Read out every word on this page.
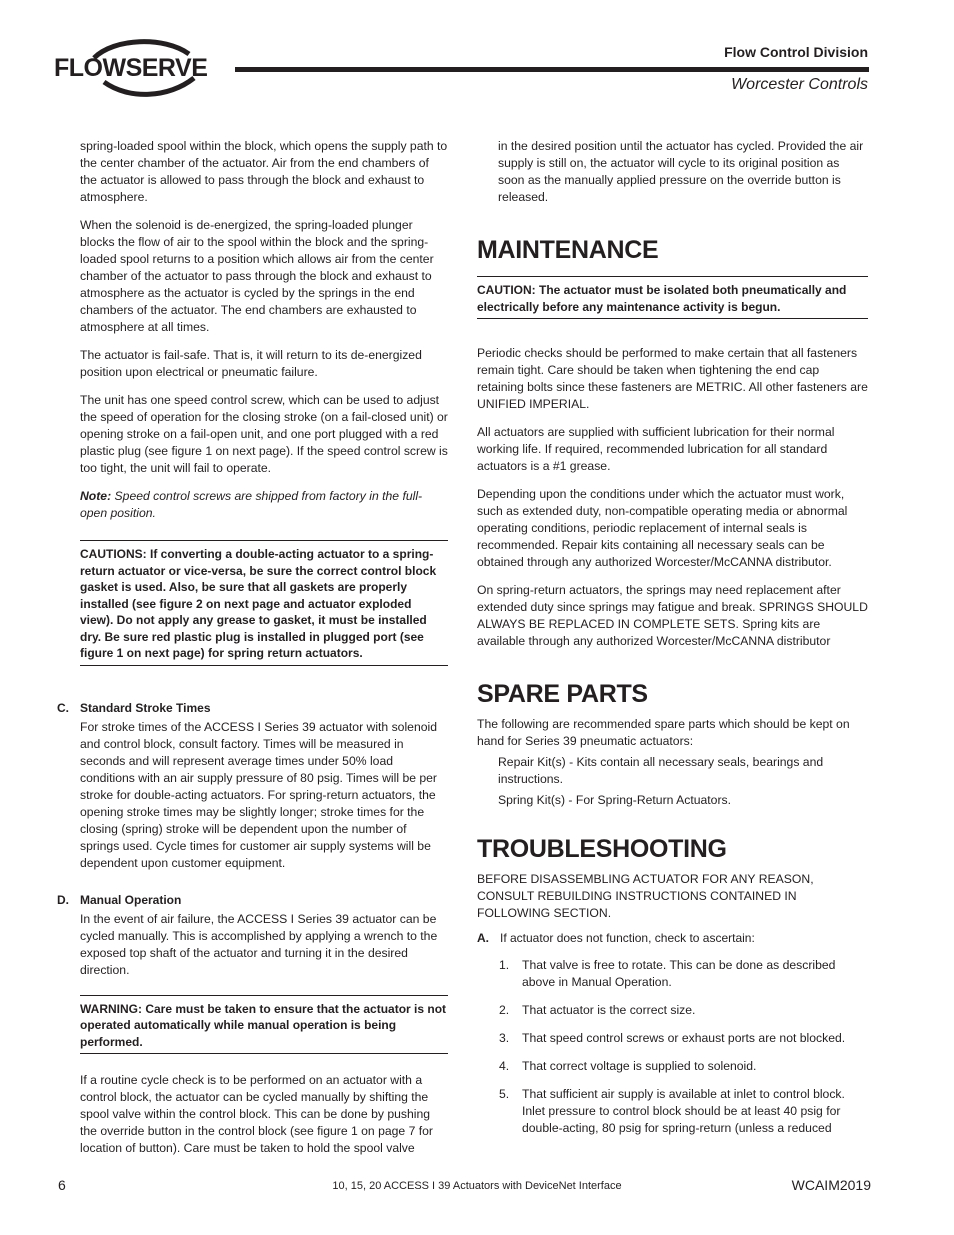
FLOWSERVE
Flow Control Division
Worcester Controls

spring-loaded spool within the block, which opens the supply path to the center chamber of the actuator. Air from the end chambers of the actuator is allowed to pass through the block and exhaust to atmosphere.

When the solenoid is de-energized, the spring-loaded plunger blocks the flow of air to the spool within the block and the spring-loaded spool returns to a position which allows air from the center chamber of the actuator to pass through the block and exhaust to atmosphere as the actuator is cycled by the springs in the end chambers of the actuator. The end chambers are exhausted to atmosphere at all times.

The actuator is fail-safe. That is, it will return to its de-energized position upon electrical or pneumatic failure.

The unit has one speed control screw, which can be used to adjust the speed of operation for the closing stroke (on a fail-closed unit) or opening stroke on a fail-open unit, and one port plugged with a red plastic plug (see figure 1 on next page). If the speed control screw is too tight, the unit will fail to operate.

Note: Speed control screws are shipped from factory in the full-open position.

CAUTIONS: If converting a double-acting actuator to a spring-return actuator or vice-versa, be sure the correct control block gasket is used. Also, be sure that all gaskets are properly installed (see figure 2 on next page and actuator exploded view). Do not apply any grease to gasket, it must be installed dry. Be sure red plastic plug is installed in plugged port (see figure 1 on next page) for spring return actuators.
C. Standard Stroke Times

For stroke times of the ACCESS I Series 39 actuator with solenoid and control block, consult factory. Times will be measured in seconds and will represent average times under 50% load conditions with an air supply pressure of 80 psig. Times will be per stroke for double-acting actuators. For spring-return actuators, the opening stroke times may be slightly longer; stroke times for the closing (spring) stroke will be dependent upon the number of springs used. Cycle times for customer air supply systems will be dependent upon customer equipment.

D. Manual Operation

In the event of air failure, the ACCESS I Series 39 actuator can be cycled manually. This is accomplished by applying a wrench to the exposed top shaft of the actuator and turning it in the desired direction.

WARNING: Care must be taken to ensure that the actuator is not operated automatically while manual operation is being performed.

If a routine cycle check is to be performed on an actuator with a control block, the actuator can be cycled manually by shifting the spool valve within the control block. This can be done by pushing the override button in the control block (see figure 1 on page 7 for location of button). Care must be taken to hold the spool valve

in the desired position until the actuator has cycled. Provided the air supply is still on, the actuator will cycle to its original position as soon as the manually applied pressure on the override button is released.

MAINTENANCE
CAUTION: The actuator must be isolated both pneumatically and electrically before any maintenance activity is begun.

Periodic checks should be performed to make certain that all fasteners remain tight. Care should be taken when tightening the end cap retaining bolts since these fasteners are METRIC. All other fasteners are UNIFIED IMPERIAL.

All actuators are supplied with sufficient lubrication for their normal working life. If required, recommended lubrication for all standard actuators is a #1 grease.

Depending upon the conditions under which the actuator must work, such as extended duty, non-compatible operating media or abnormal operating conditions, periodic replacement of internal seals is recommended. Repair kits containing all necessary seals can be obtained through any authorized Worcester/McCANNA distributor.

On spring-return actuators, the springs may need replacement after extended duty since springs may fatigue and break. SPRINGS SHOULD ALWAYS BE REPLACED IN COMPLETE SETS. Spring kits are available through any authorized Worcester/McCANNA distributor

SPARE PARTS

The following are recommended spare parts which should be kept on hand for Series 39 pneumatic actuators:

Repair Kit(s) - Kits contain all necessary seals, bearings and instructions.

Spring Kit(s) - For Spring-Return Actuators.

TROUBLESHOOTING

BEFORE DISASSEMBLING ACTUATOR FOR ANY REASON, CONSULT REBUILDING INSTRUCTIONS CONTAINED IN FOLLOWING SECTION.

A. If actuator does not function, check to ascertain:
1. That valve is free to rotate. This can be done as described above in Manual Operation.
2. That actuator is the correct size.
3. That speed control screws or exhaust ports are not blocked.
4. That correct voltage is supplied to solenoid.
5. That sufficient air supply is available at inlet to control block. Inlet pressure to control block should be at least 40 psig for double-acting, 80 psig for spring-return (unless a reduced
6	10, 15, 20 ACCESS I 39 Actuators with DeviceNet Interface	WCAIM2019
